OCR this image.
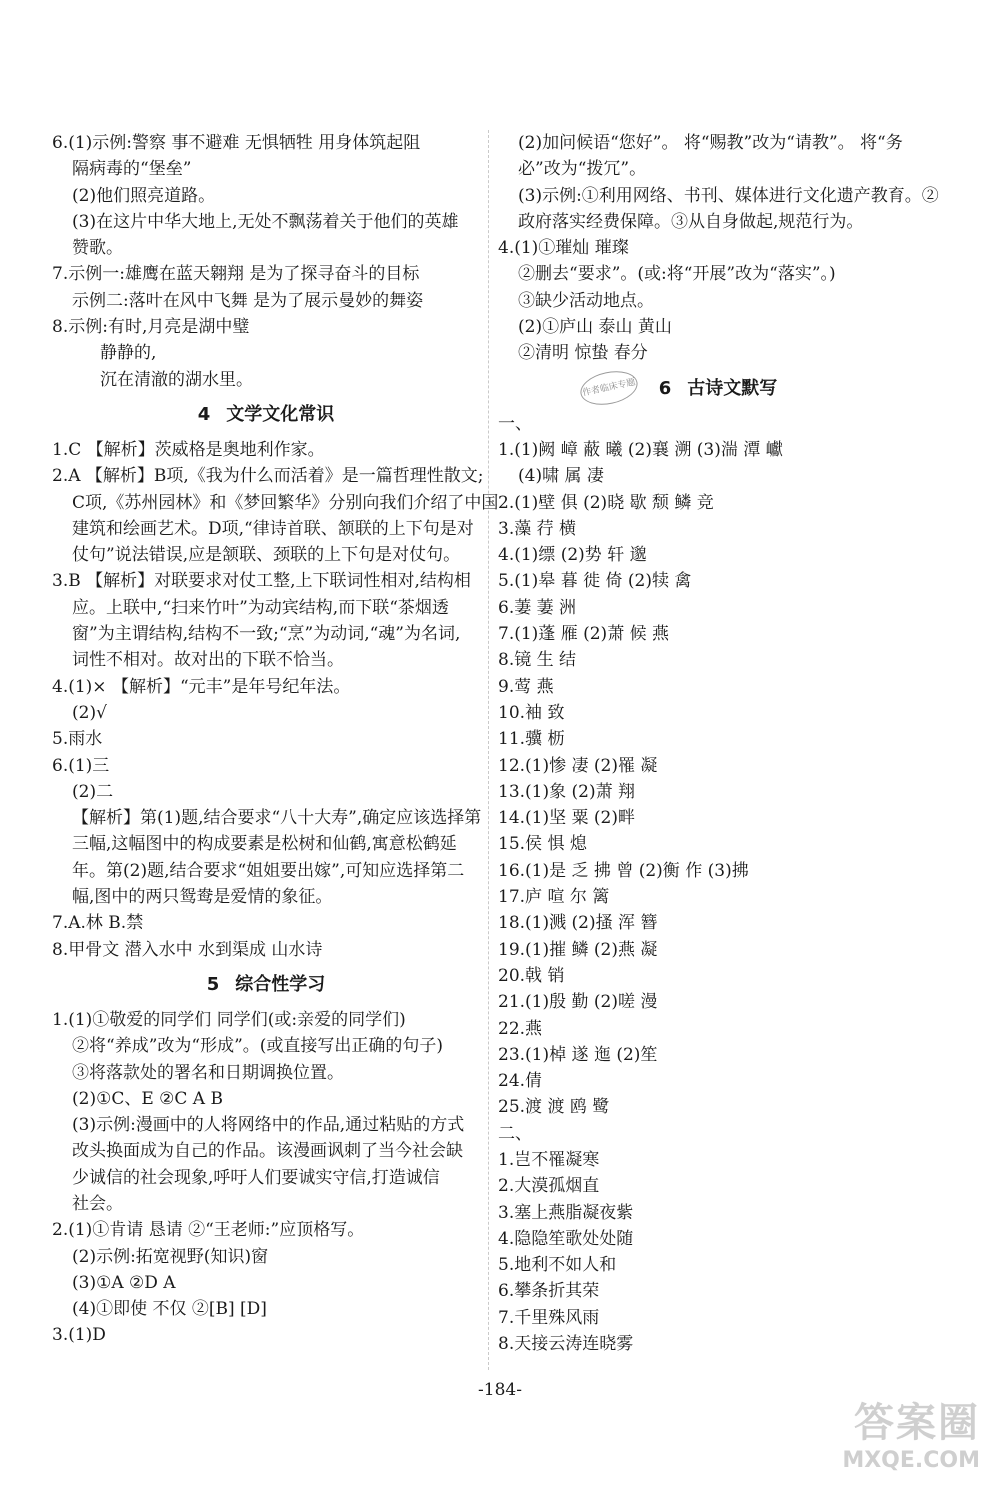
6.(1)示例:警察 事不避难 无惧牺牲 用身体筑起阻
隔病毒的“堡垒”
(2)他们照亮道路。
(3)在这片中华大地上,无处不飘荡着关于他们的英雄
赞歌。
7.示例一:雄鹰在蓝天翱翔 是为了探寻奋斗的目标
示例二:落叶在风中飞舞 是为了展示曼妙的舞姿
8.示例:有时,月亮是湖中璧
静静的,
沉在清澈的湖水里。
4 文学文化常识
1.C 【解析】茨威格是奥地利作家。
2.A 【解析】B项,《我为什么而活着》是一篇哲理性散文;
C项,《苏州园林》和《梦回繁华》分别向我们介绍了中国
建筑和绘画艺术。D项,“律诗首联、颔联的上下句是对
仗句”说法错误,应是颔联、颈联的上下句是对仗句。
3.B 【解析】对联要求对仗工整,上下联词性相对,结构相
应。上联中,“扫来竹叶”为动宾结构,而下联“茶烟透
窗”为主谓结构,结构不一致;“烹”为动词,“魂”为名词,
词性不相对。故对出的下联不恰当。
4.(1)× 【解析】“元丰”是年号纪年法。
(2)√
5.雨水
6.(1)三
(2)二
【解析】第(1)题,结合要求“八十大寿”,确定应该选择第
三幅,这幅图中的构成要素是松树和仙鹤,寓意松鹤延
年。第(2)题,结合要求“姐姐要出嫁”,可知应选择第二
幅,图中的两只鸳鸯是爱情的象征。
7.A.林 B.禁
8.甲骨文 潜入水中 水到渠成 山水诗
5 综合性学习
1.(1)①敬爱的同学们 同学们(或:亲爱的同学们)
②将“养成”改为“形成”。(或直接写出正确的句子)
③将落款处的署名和日期调换位置。
(2)①C、E ②C A B
(3)示例:漫画中的人将网络中的作品,通过粘贴的方式
改头换面成为自己的作品。该漫画讽刺了当今社会缺
少诚信的社会现象,呼吁人们要诚实守信,打造诚信
社会。
2.(1)①肯请 恳请 ②“王老师:”应顶格写。
(2)示例:拓宽视野(知识)窗
(3)①A ②D A
(4)①即使 不仅 ②[B] [D]
3.(1)D
(2)加问候语“您好”。 将“赐教”改为“请教”。 将“务
必”改为“拨冗”。
(3)示例:①利用网络、书刊、媒体进行文化遗产教育。②
政府落实经费保障。③从自身做起,规范行为。
4.(1)①璀灿 璀璨
②删去“要求”。(或:将“开展”改为“落实”。)
③缺少活动地点。
(2)①庐山 泰山 黄山
②清明 惊蛰 春分
6 古诗文默写
一、
1.(1)阙 嶂 蔽 曦 (2)襄 溯 (3)湍 潭 巘
(4)啸 属 凄
2.(1)壁 俱 (2)晓 歇 颓 鳞 竞
3.藻 荇 横
4.(1)缥 (2)势 轩 邈
5.(1)皋 暮 徙 倚 (2)犊 禽
6.萋 萋 洲
7.(1)蓬 雁 (2)萧 候 燕
8.镜 生 结
9.莺 燕
10.袖 致
11.骥 枥
12.(1)惨 凄 (2)罹 凝
13.(1)象 (2)萧 翔
14.(1)坚 粟 (2)畔
15.侯 惧 熄
16.(1)是 乏 拂 曾 (2)衡 作 (3)拂
17.庐 喧 尔 篱
18.(1)溅 (2)搔 浑 簪
19.(1)摧 鳞 (2)燕 凝
20.戟 销
21.(1)殷 勤 (2)嗟 漫
22.燕
23.(1)棹 遂 迤 (2)笙
24.倩
25.渡 渡 鸥 鹭
二、
1.岂不罹凝寒
2.大漠孤烟直
3.塞上燕脂凝夜紫
4.隐隐笙歌处处随
5.地利不如人和
6.攀条折其荣
7.千里殊风雨
8.天接云涛连晓雾
作者临床专题
-184-
答案圈
MXQE.COM
